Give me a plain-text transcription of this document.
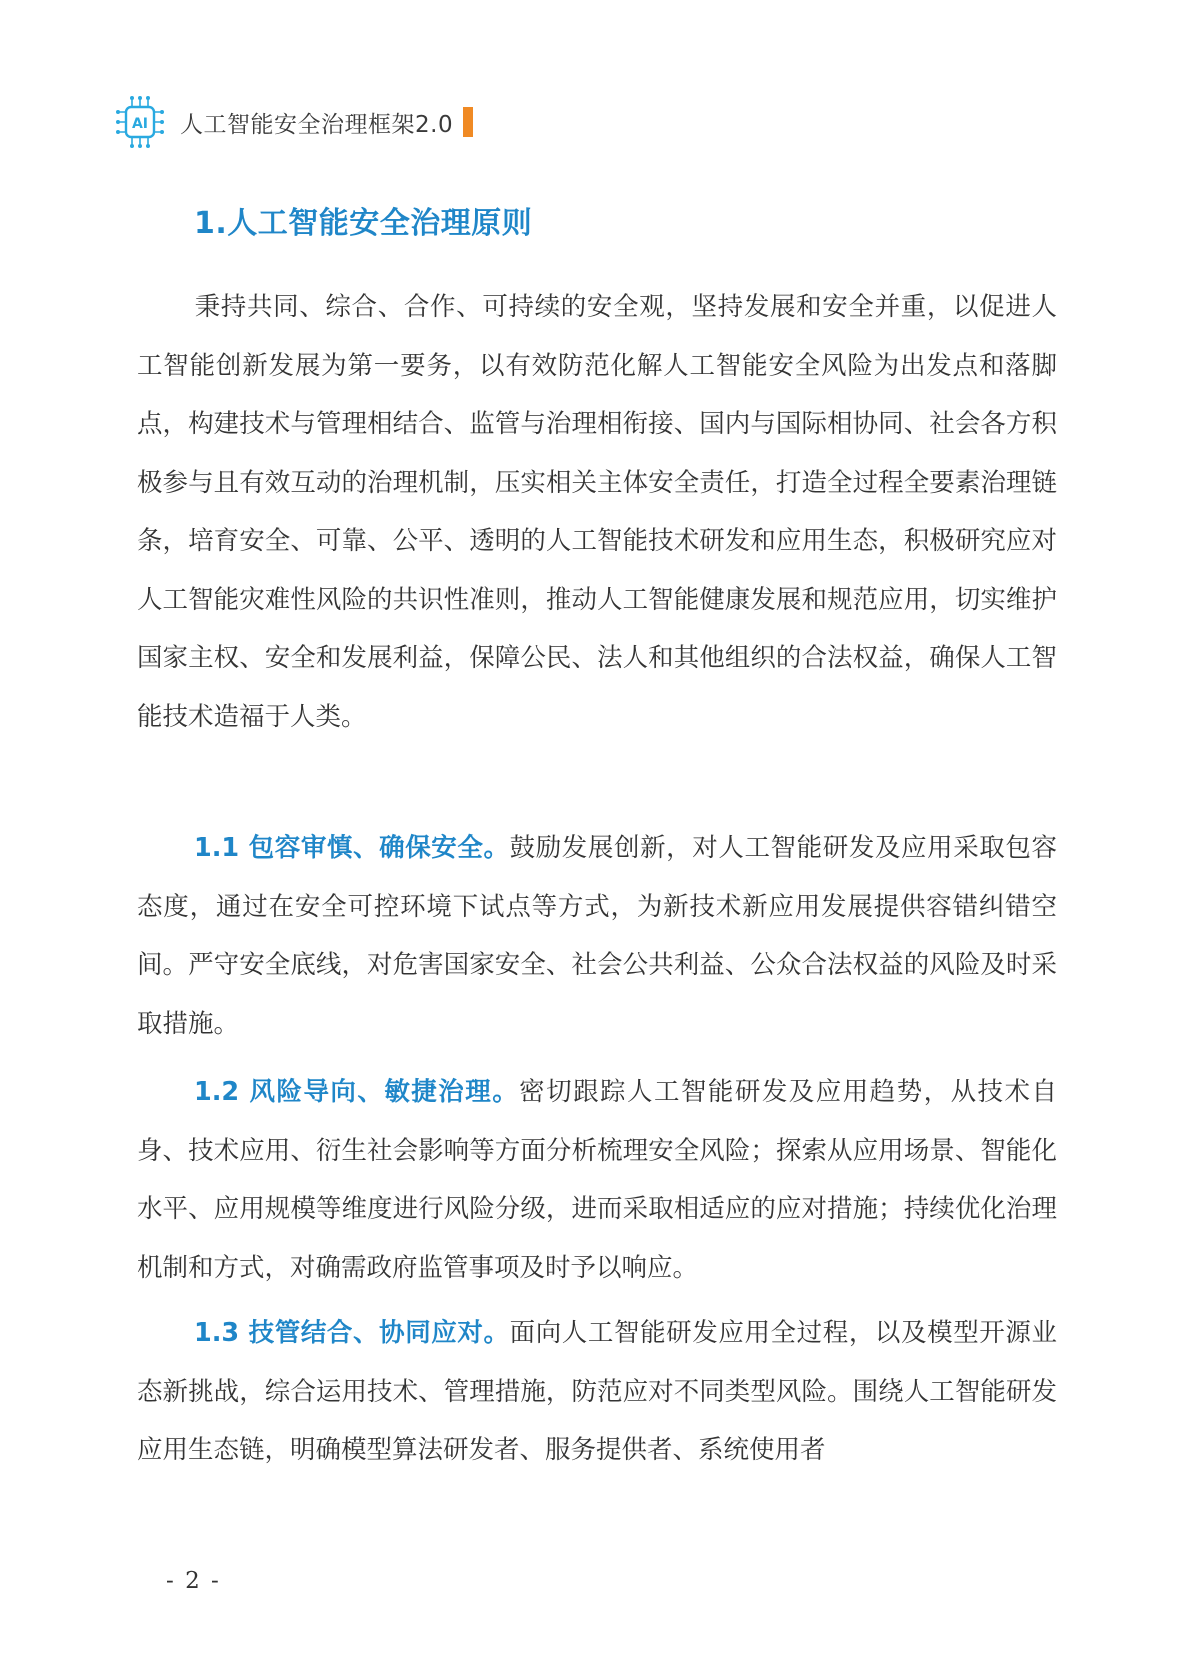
AI 人工智能安全治理框架2.0
1.人工智能安全治理原则

秉持共同、综合、合作、可持续的安全观，坚持发展和安全并重，以促进人工智能创新发展为第一要务，以有效防范化解人工智能安全风险为出发点和落脚点，构建技术与管理相结合、监管与治理相衔接、国内与国际相协同、社会各方积极参与且有效互动的治理机制，压实相关主体安全责任，打造全过程全要素治理链条，培育安全、可靠、公平、透明的人工智能技术研发和应用生态，积极研究应对人工智能灾难性风险的共识性准则，推动人工智能健康发展和规范应用，切实维护国家主权、安全和发展利益，保障公民、法人和其他组织的合法权益，确保人工智能技术造福于人类。

1.1 包容审慎、确保安全。鼓励发展创新，对人工智能研发及应用采取包容态度，通过在安全可控环境下试点等方式，为新技术新应用发展提供容错纠错空间。严守安全底线，对危害国家安全、社会公共利益、公众合法权益的风险及时采取措施。

1.2 风险导向、敏捷治理。密切跟踪人工智能研发及应用趋势，从技术自身、技术应用、衍生社会影响等方面分析梳理安全风险；探索从应用场景、智能化水平、应用规模等维度进行风险分级，进而采取相适应的应对措施；持续优化治理机制和方式，对确需政府监管事项及时予以响应。

1.3 技管结合、协同应对。面向人工智能研发应用全过程，以及模型开源业态新挑战，综合运用技术、管理措施，防范应对不同类型风险。围绕人工智能研发应用生态链，明确模型算法研发者、服务提供者、系统使用者

- 2 -
